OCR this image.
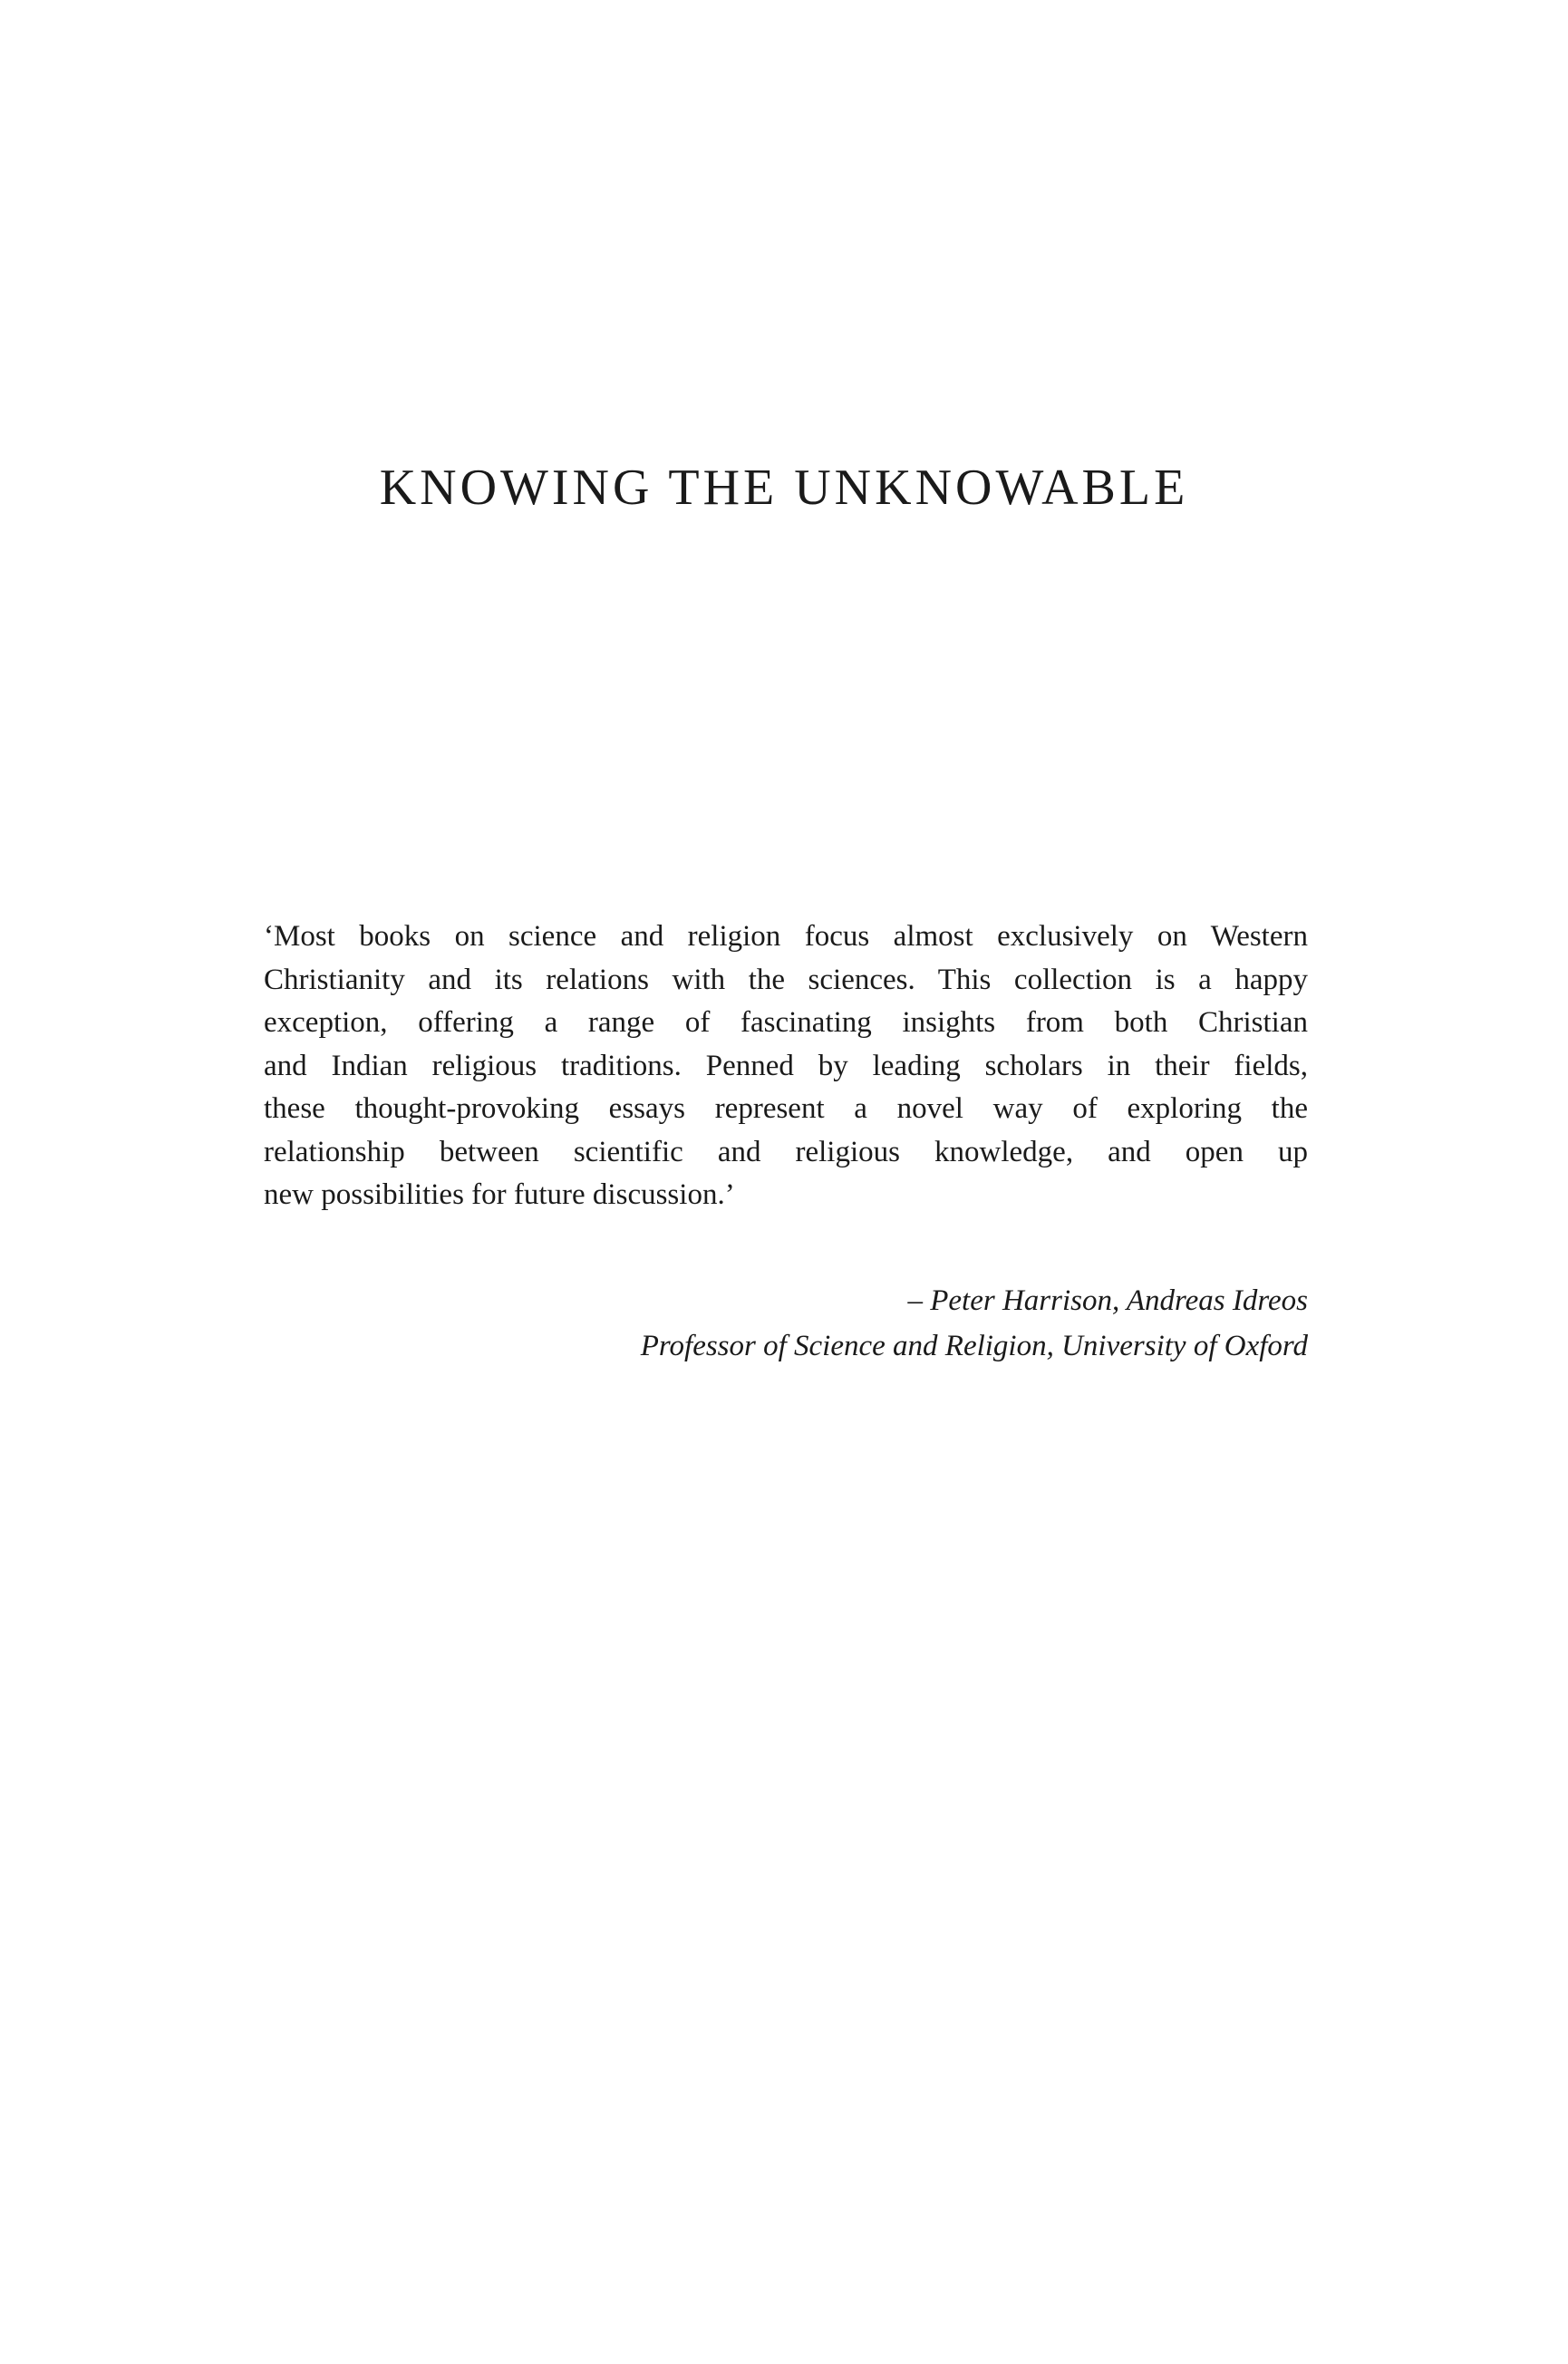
KNOWING THE UNKNOWABLE
‘Most books on science and religion focus almost exclusively on Western
Christianity and its relations with the sciences. This collection is a happy
exception, offering a range of fascinating insights from both Christian
and Indian religious traditions. Penned by leading scholars in their fields,
these thought-provoking essays represent a novel way of exploring the
relationship between scientific and religious knowledge, and open up
new possibilities for future discussion.’
– Peter Harrison, Andreas Idreos
Professor of Science and Religion, University of Oxford
